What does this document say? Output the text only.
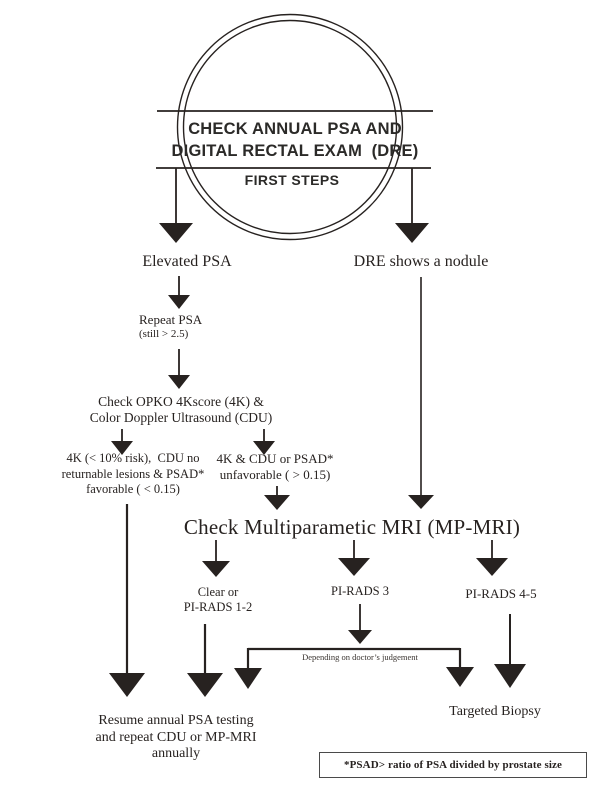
CHECK ANNUAL PSA AND
DIGITAL RECTAL EXAM  (DRE)
FIRST STEPS
Elevated PSA	DRE shows a nodule
Repeat PSA
(still > 2.5)
Check OPKO 4Kscore (4K) &
Color Doppler Ultrasound (CDU)
4K (< 10% risk),  CDU no
returnable lesions & PSAD*
favorable ( < 0.15)
4K & CDU or PSAD*
unfavorable ( > 0.15)
Check Multiparametic MRI (MP-MRI)
Clear or
PI-RADS 1-2
PI-RADS 3	PI-RADS 4-5
Depending on doctor’s judgement
Targeted Biopsy
Resume annual PSA testing
and repeat CDU or MP-MRI
annually
*PSAD> ratio of PSA divided by prostate size
